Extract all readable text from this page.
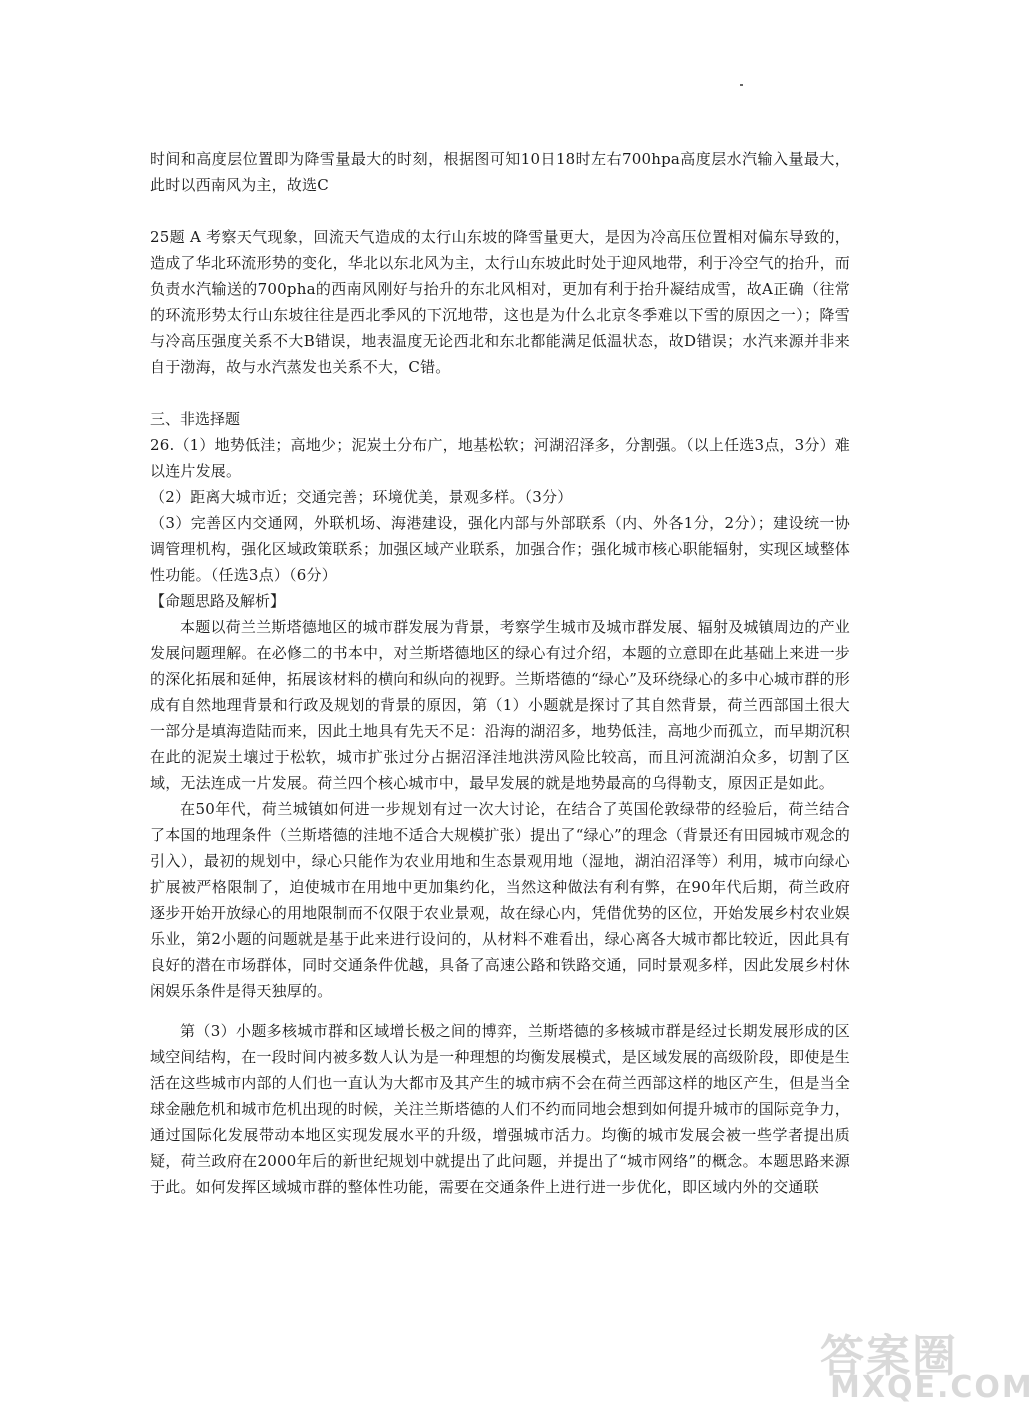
时间和高度层位置即为降雪量最大的时刻，根据图可知10日18时左右700hpa高度层水汽输入量最大，此时以西南风为主，故选C

25题 A 考察天气现象，回流天气造成的太行山东坡的降雪量更大，是因为冷高压位置相对偏东导致的，造成了华北环流形势的变化，华北以东北风为主，太行山东坡此时处于迎风地带，利于冷空气的抬升，而负责水汽输送的700pha的西南风刚好与抬升的东北风相对，更加有利于抬升凝结成雪，故A正确（往常的环流形势太行山东坡往往是西北季风的下沉地带，这也是为什么北京冬季难以下雪的原因之一）；降雪与冷高压强度关系不大B错误，地表温度无论西北和东北都能满足低温状态，故D错误；水汽来源并非来自于渤海，故与水汽蒸发也关系不大，C错。

三、非选择题

26.（1）地势低洼；高地少；泥炭土分布广，地基松软；河湖沼泽多，分割强。（以上任选3点，3分）难以连片发展。

（2）距离大城市近；交通完善；环境优美，景观多样。（3分）

（3）完善区内交通网，外联机场、海港建设，强化内部与外部联系（内、外各1分，2分）；建设统一协调管理机构，强化区域政策联系；加强区域产业联系，加强合作；强化城市核心职能辐射，实现区域整体性功能。（任选3点）（6分）

【命题思路及解析】

本题以荷兰兰斯塔德地区的城市群发展为背景，考察学生城市及城市群发展、辐射及城镇周边的产业发展问题理解。在必修二的书本中，对兰斯塔德地区的绿心有过介绍，本题的立意即在此基础上来进一步的深化拓展和延伸，拓展该材料的横向和纵向的视野。兰斯塔德的“绿心”及环绕绿心的多中心城市群的形成有自然地理背景和行政及规划的背景的原因，第（1）小题就是探讨了其自然背景，荷兰西部国土很大一部分是填海造陆而来，因此土地具有先天不足：沿海的湖沼多，地势低洼，高地少而孤立，而早期沉积在此的泥炭土壤过于松软，城市扩张过分占据沼泽洼地洪涝风险比较高，而且河流湖泊众多，切割了区域，无法连成一片发展。荷兰四个核心城市中，最早发展的就是地势最高的乌得勒支，原因正是如此。

在50年代，荷兰城镇如何进一步规划有过一次大讨论，在结合了英国伦敦绿带的经验后，荷兰结合了本国的地理条件（兰斯塔德的洼地不适合大规模扩张）提出了“绿心”的理念（背景还有田园城市观念的引入），最初的规划中，绿心只能作为农业用地和生态景观用地（湿地，湖泊沼泽等）利用，城市向绿心扩展被严格限制了，迫使城市在用地中更加集约化，当然这种做法有利有弊，在90年代后期，荷兰政府逐步开始开放绿心的用地限制而不仅限于农业景观，故在绿心内，凭借优势的区位，开始发展乡村农业娱乐业，第2小题的问题就是基于此来进行设问的，从材料不难看出，绿心离各大城市都比较近，因此具有良好的潜在市场群体，同时交通条件优越，具备了高速公路和铁路交通，同时景观多样，因此发展乡村休闲娱乐条件是得天独厚的。

第（3）小题多核城市群和区域增长极之间的博弈，兰斯塔德的多核城市群是经过长期发展形成的区域空间结构，在一段时间内被多数人认为是一种理想的均衡发展模式，是区域发展的高级阶段，即使是生活在这些城市内部的人们也一直认为大都市及其产生的城市病不会在荷兰西部这样的地区产生，但是当全球金融危机和城市危机出现的时候，关注兰斯塔德的人们不约而同地会想到如何提升城市的国际竞争力，通过国际化发展带动本地区实现发展水平的升级，增强城市活力。均衡的城市发展会被一些学者提出质疑，荷兰政府在2000年后的新世纪规划中就提出了此问题，并提出了“城市网络”的概念。本题思路来源于此。如何发挥区域城市群的整体性功能，需要在交通条件上进行进一步优化，即区域内外的交通联

答案圈
MXQE.COM
